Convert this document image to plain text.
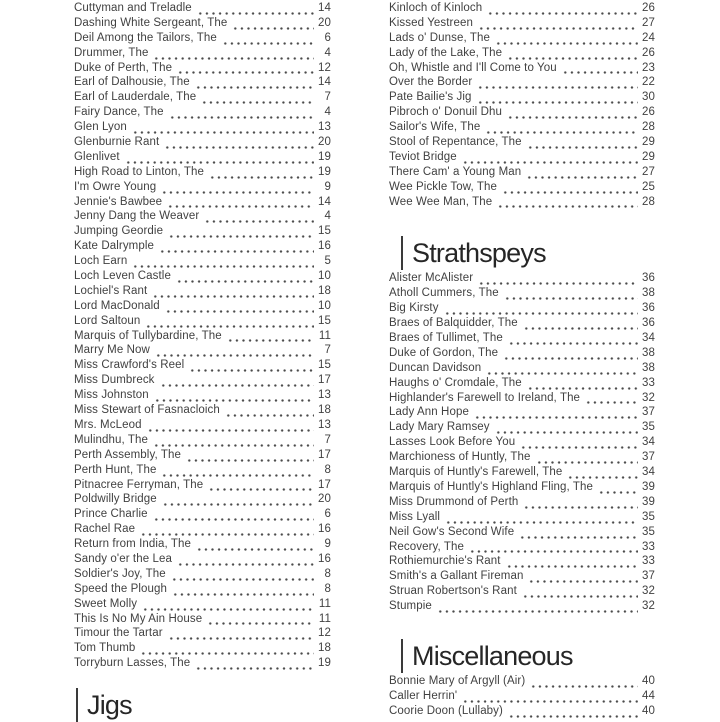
Cuttyman and Treladle	14
Dashing White Sergeant, The	20
Deil Among the Tailors, The	6
Drummer, The	4
Duke of Perth, The	12
Earl of Dalhousie, The	14
Earl of Lauderdale, The	7
Fairy Dance, The	4
Glen Lyon	13
Glenburnie Rant	20
Glenlivet	19
High Road to Linton, The	19
I'm Owre Young	9
Jennie's Bawbee	14
Jenny Dang the Weaver	4
Jumping Geordie	15
Kate Dalrymple	16
Loch Earn	5
Loch Leven Castle	10
Lochiel's Rant	18
Lord MacDonald	10
Lord Saltoun	15
Marquis of Tullybardine, The	11
Marry Me Now	7
Miss Crawford's Reel	15
Miss Dumbreck	17
Miss Johnston	13
Miss Stewart of Fasnacloich	18
Mrs. McLeod	13
Mulindhu, The	7
Perth Assembly, The	17
Perth Hunt, The	8
Pitnacree Ferryman, The	17
Poldwilly Bridge	20
Prince Charlie	6
Rachel Rae	16
Return from India, The	9
Sandy o'er the Lea	16
Soldier's Joy, The	8
Speed the Plough	8
Sweet Molly	11
This Is No My Ain House	11
Timour the Tartar	12
Tom Thumb	18
Torryburn Lasses, The	19
Jigs
Kinloch of Kinloch	26
Kissed Yestreen	27
Lads o' Dunse, The	24
Lady of the Lake, The	26
Oh, Whistle and I'll Come to You	23
Over the Border	22
Pate Bailie's Jig	30
Pibroch o' Donuil Dhu	26
Sailor's Wife, The	28
Stool of Repentance, The	29
Teviot Bridge	29
There Cam' a Young Man	27
Wee Pickle Tow, The	25
Wee Wee Man, The	28
Strathspeys
Alister McAlister	36
Atholl Cummers, The	38
Big Kirsty	36
Braes of Balquidder, The	36
Braes of Tullimet, The	34
Duke of Gordon, The	38
Duncan Davidson	38
Haughs o' Cromdale, The	33
Highlander's Farewell to Ireland, The	32
Lady Ann Hope	37
Lady Mary Ramsey	35
Lasses Look Before You	34
Marchioness of Huntly, The	37
Marquis of Huntly's Farewell, The	34
Marquis of Huntly's Highland Fling, The	39
Miss Drummond of Perth	39
Miss Lyall	35
Neil Gow's Second Wife	35
Recovery, The	33
Rothiemurchie's Rant	33
Smith's a Gallant Fireman	37
Struan Robertson's Rant	32
Stumpie	32
Miscellaneous
Bonnie Mary of Argyll (Air)	40
Caller Herrin'	44
Coorie Doon (Lullaby)	40
